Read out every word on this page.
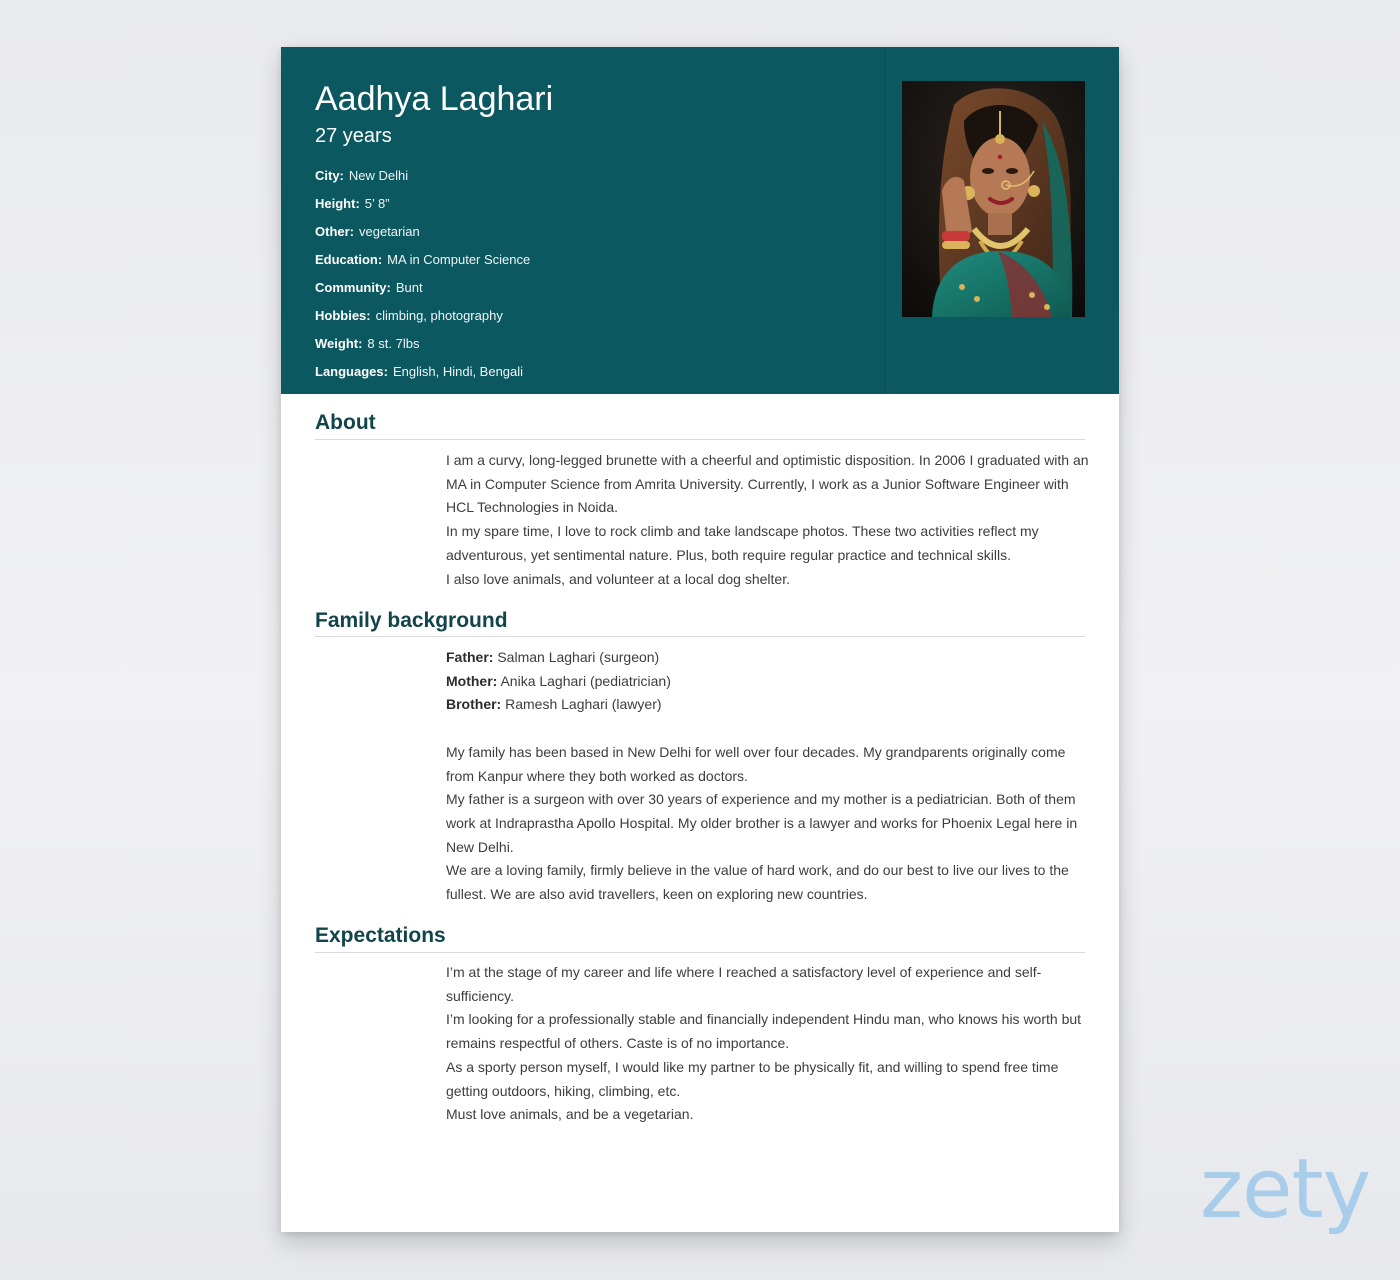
Aadhya Laghari
27 years
City: New Delhi
Height: 5’ 8”
Other: vegetarian
Education: MA in Computer Science
Community: Bunt
Hobbies: climbing, photography
Weight: 8 st. 7lbs
Languages: English, Hindi, Bengali
About

I am a curvy, long-legged brunette with a cheerful and optimistic disposition. In 2006 I graduated with an MA in Computer Science from Amrita University. Currently, I work as a Junior Software Engineer with HCL Technologies in Noida.

In my spare time, I love to rock climb and take landscape photos. These two activities reflect my adventurous, yet sentimental nature. Plus, both require regular practice and technical skills.

I also love animals, and volunteer at a local dog shelter.

Family background

Father: Salman Laghari (surgeon)

Mother: Anika Laghari (pediatrician)

Brother: Ramesh Laghari (lawyer)

My family has been based in New Delhi for well over four decades. My grandparents originally come from Kanpur where they both worked as doctors.

My father is a surgeon with over 30 years of experience and my mother is a pediatrician. Both of them work at Indraprastha Apollo Hospital. My older brother is a lawyer and works for Phoenix Legal here in New Delhi.

We are a loving family, firmly believe in the value of hard work, and do our best to live our lives to the fullest. We are also avid travellers, keen on exploring new countries.

Expectations

I’m at the stage of my career and life where I reached a satisfactory level of experience and self-sufficiency.

I’m looking for a professionally stable and financially independent Hindu man, who knows his worth but remains respectful of others. Caste is of no importance.

As a sporty person myself, I would like my partner to be physically fit, and willing to spend free time getting outdoors, hiking, climbing, etc.

Must love animals, and be a vegetarian.

zety
